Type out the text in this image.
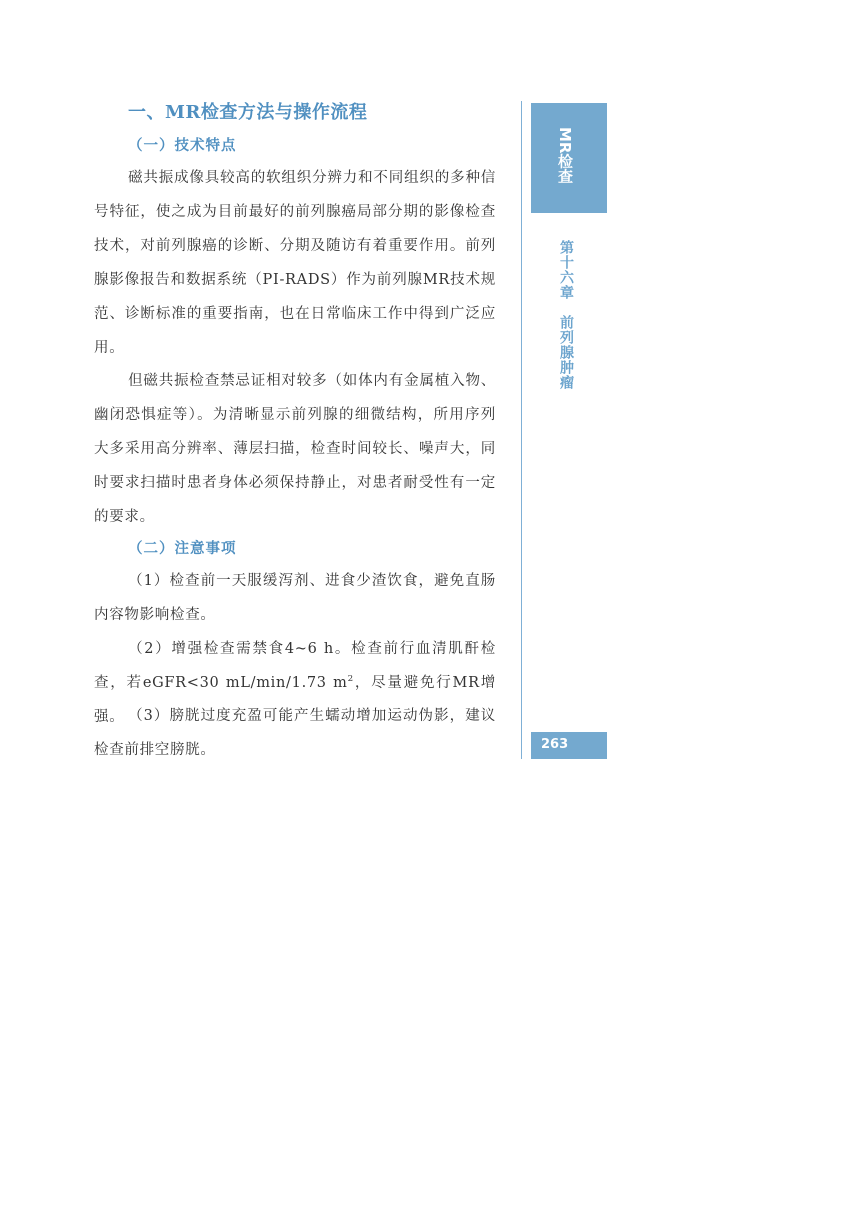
一、MR检查方法与操作流程
（一）技术特点
磁共振成像具较高的软组织分辨力和不同组织的多种信号特征，使之成为目前最好的前列腺癌局部分期的影像检查技术，对前列腺癌的诊断、分期及随访有着重要作用。前列腺影像报告和数据系统（PI-RADS）作为前列腺MR技术规范、诊断标准的重要指南，也在日常临床工作中得到广泛应用。
但磁共振检查禁忌证相对较多（如体内有金属植入物、幽闭恐惧症等）。为清晰显示前列腺的细微结构，所用序列大多采用高分辨率、薄层扫描，检查时间较长、噪声大，同时要求扫描时患者身体必须保持静止，对患者耐受性有一定的要求。
（二）注意事项
（1）检查前一天服缓泻剂、进食少渣饮食，避免直肠内容物影响检查。
（2）增强检查需禁食4~6 h。检查前行血清肌酐检查，若eGFR<30 mL/min/1.73 $m^2$，尽量避免行MR增强。 （3）膀胱过度充盈可能产生蠕动增加运动伪影，建议检查前排空膀胱。
MR检查
第十六章　前列腺肿瘤
263
